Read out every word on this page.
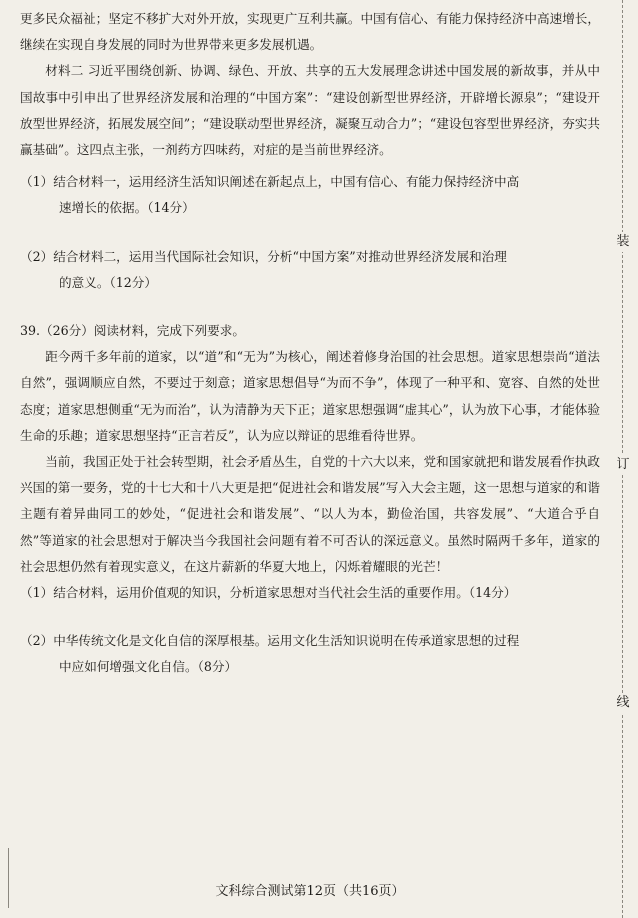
更多民众福祉；坚定不移扩大对外开放，实现更广互利共赢。中国有信心、有能力保持经济中高速增长，继续在实现自身发展的同时为世界带来更多发展机遇。

材料二 习近平围绕创新、协调、绿色、开放、共享的五大发展理念讲述中国发展的新故事，并从中国故事中引申出了世界经济发展和治理的“中国方案”：“建设创新型世界经济，开辟增长源泉”；“建设开放型世界经济，拓展发展空间”；“建设联动型世界经济，凝聚互动合力”；“建设包容型世界经济，夯实共赢基础”。这四点主张，一剂药方四味药，对症的是当前世界经济。

（1）结合材料一，运用经济生活知识阐述在新起点上，中国有信心、有能力保持经济中高

速增长的依据。（14分）

（2）结合材料二，运用当代国际社会知识，分析“中国方案”对推动世界经济发展和治理

的意义。（12分）

39.（26分）阅读材料，完成下列要求。

距今两千多年前的道家，以“道”和“无为”为核心，阐述着修身治国的社会思想。道家思想崇尚“道法自然”，强调顺应自然，不要过于刻意；道家思想倡导“为而不争”，体现了一种平和、宽容、自然的处世态度；道家思想侧重“无为而治”，认为清静为天下正；道家思想强调“虚其心”，认为放下心事，才能体验生命的乐趣；道家思想坚持“正言若反”，认为应以辩证的思维看待世界。

当前，我国正处于社会转型期，社会矛盾丛生，自党的十六大以来，党和国家就把和谐发展看作执政兴国的第一要务，党的十七大和十八大更是把“促进社会和谐发展”写入大会主题，这一思想与道家的和谐主题有着异曲同工的妙处，“促进社会和谐发展”、“以人为本，勤俭治国，共容发展”、“大道合乎自然”等道家的社会思想对于解决当今我国社会问题有着不可否认的深远意义。虽然时隔两千多年，道家的社会思想仍然有着现实意义，在这片薪新的华夏大地上，闪烁着耀眼的光芒！

（1）结合材料，运用价值观的知识，分析道家思想对当代社会生活的重要作用。（14分）

（2）中华传统文化是文化自信的深厚根基。运用文化生活知识说明在传承道家思想的过程

中应如何增强文化自信。（8分）

装
订
线
文科综合测试第12页（共16页）
